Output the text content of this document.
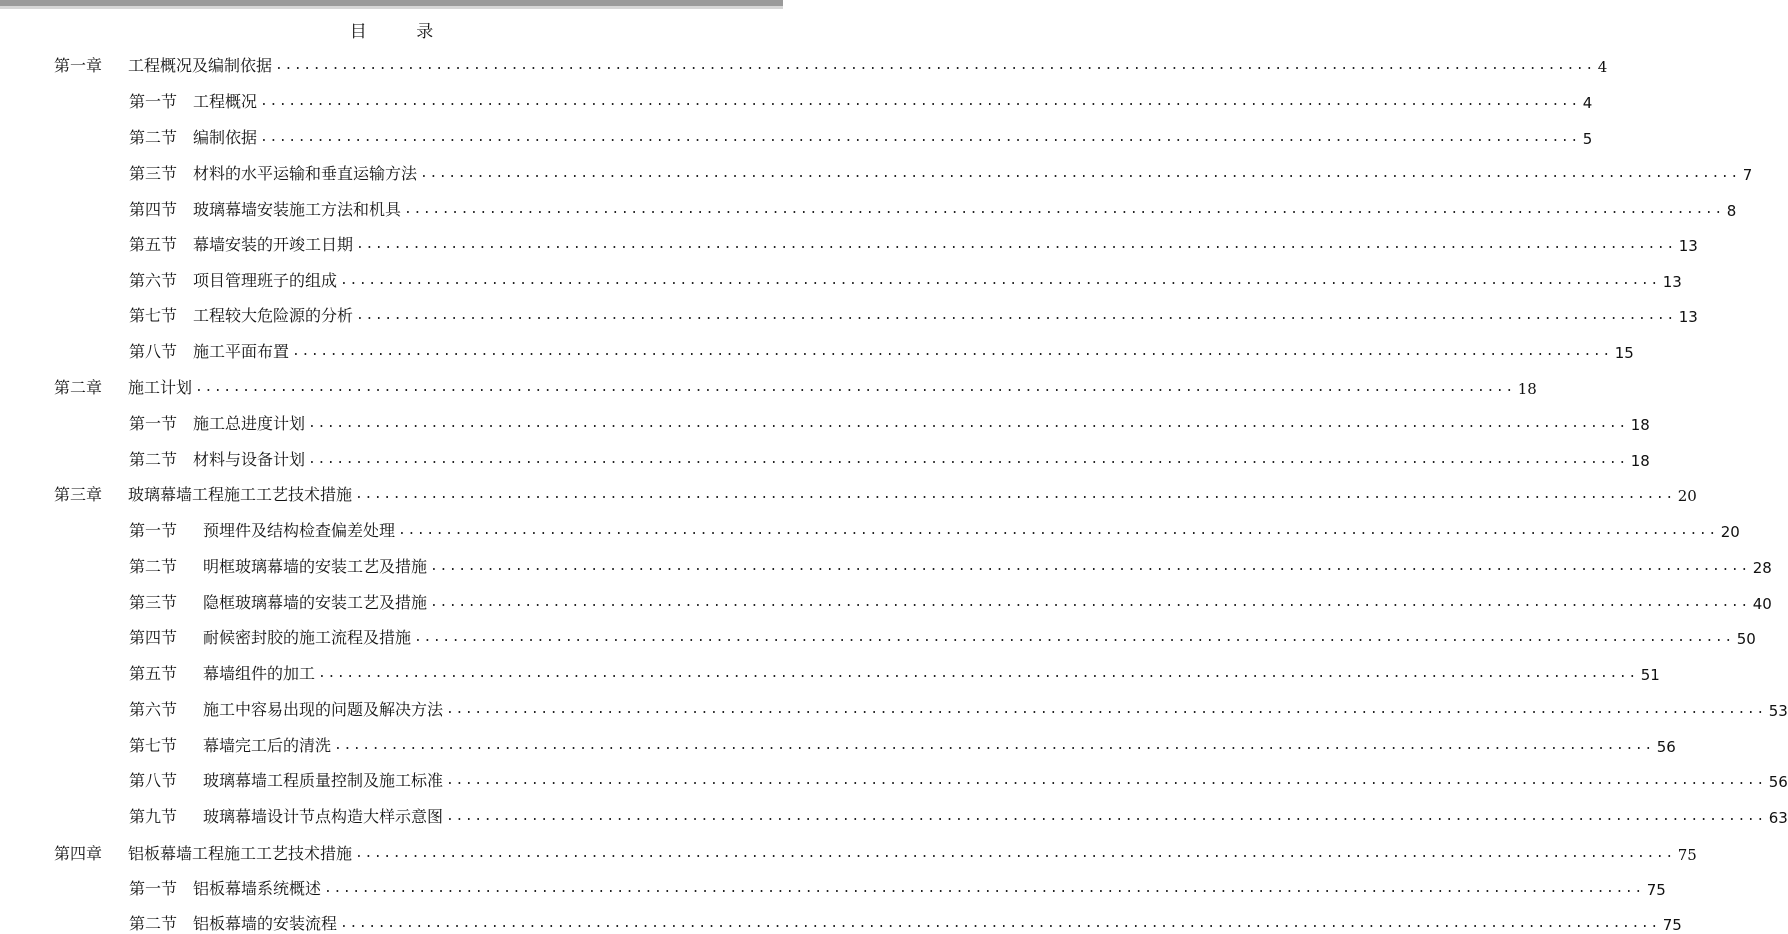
目 录
第一章 工程概况及编制依据 ............................................................................................................................................ 4
第一节 工程概况 ............................................................................................................................................ 4
第二节 编制依据 ............................................................................................................................................ 5
第三节 材料的水平运输和垂直运输方法 ............................................................................................................................................ 7
第四节 玻璃幕墙安装施工方法和机具 ............................................................................................................................................ 8
第五节 幕墙安装的开竣工日期 ............................................................................................................................................ 13
第六节 项目管理班子的组成 ............................................................................................................................................ 13
第七节 工程较大危险源的分析 ............................................................................................................................................ 13
第八节 施工平面布置 ............................................................................................................................................ 15
第二章 施工计划 ............................................................................................................................................ 18
第一节 施工总进度计划 ............................................................................................................................................ 18
第二节 材料与设备计划 ............................................................................................................................................ 18
第三章 玻璃幕墙工程施工工艺技术措施 ............................................................................................................................................ 20
第一节 预埋件及结构检查偏差处理 ............................................................................................................................................ 20
第二节 明框玻璃幕墙的安装工艺及措施 ............................................................................................................................................ 28
第三节 隐框玻璃幕墙的安装工艺及措施 ............................................................................................................................................ 40
第四节 耐候密封胶的施工流程及措施 ............................................................................................................................................ 50
第五节 幕墙组件的加工 ............................................................................................................................................ 51
第六节 施工中容易出现的问题及解决方法 ............................................................................................................................................ 53
第七节 幕墙完工后的清洗 ............................................................................................................................................ 56
第八节 玻璃幕墙工程质量控制及施工标准 ............................................................................................................................................ 56
第九节 玻璃幕墙设计节点构造大样示意图 ............................................................................................................................................ 63
第四章 铝板幕墙工程施工工艺技术措施 ............................................................................................................................................ 75
第一节 铝板幕墙系统概述 ............................................................................................................................................ 75
第二节 铝板幕墙的安装流程 ............................................................................................................................................ 75
